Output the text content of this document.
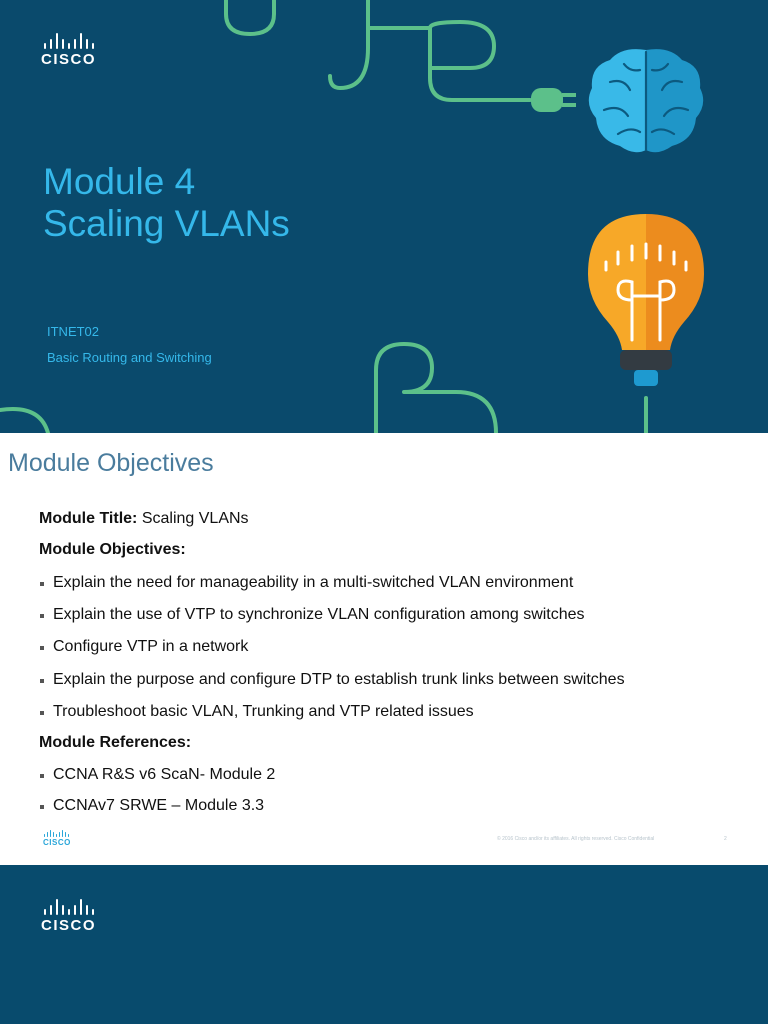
CISCO
Module 4
Scaling VLANs
ITNET02
Basic Routing and Switching
Module Objectives
Module Title: Scaling VLANs
Module Objectives:
Explain the need for manageability in a multi-switched VLAN environment
Explain the use of VTP to synchronize VLAN configuration among switches
Configure VTP in a network
Explain the purpose and configure DTP to establish trunk links between switches
Troubleshoot basic VLAN, Trunking and VTP related issues
Module References:
CCNA R&S v6 ScaN- Module 2
CCNAv7 SRWE – Module 3.3
CISCO	© 2016 Cisco and/or its affiliates. All rights reserved. Cisco Confidential	2
CISCO
